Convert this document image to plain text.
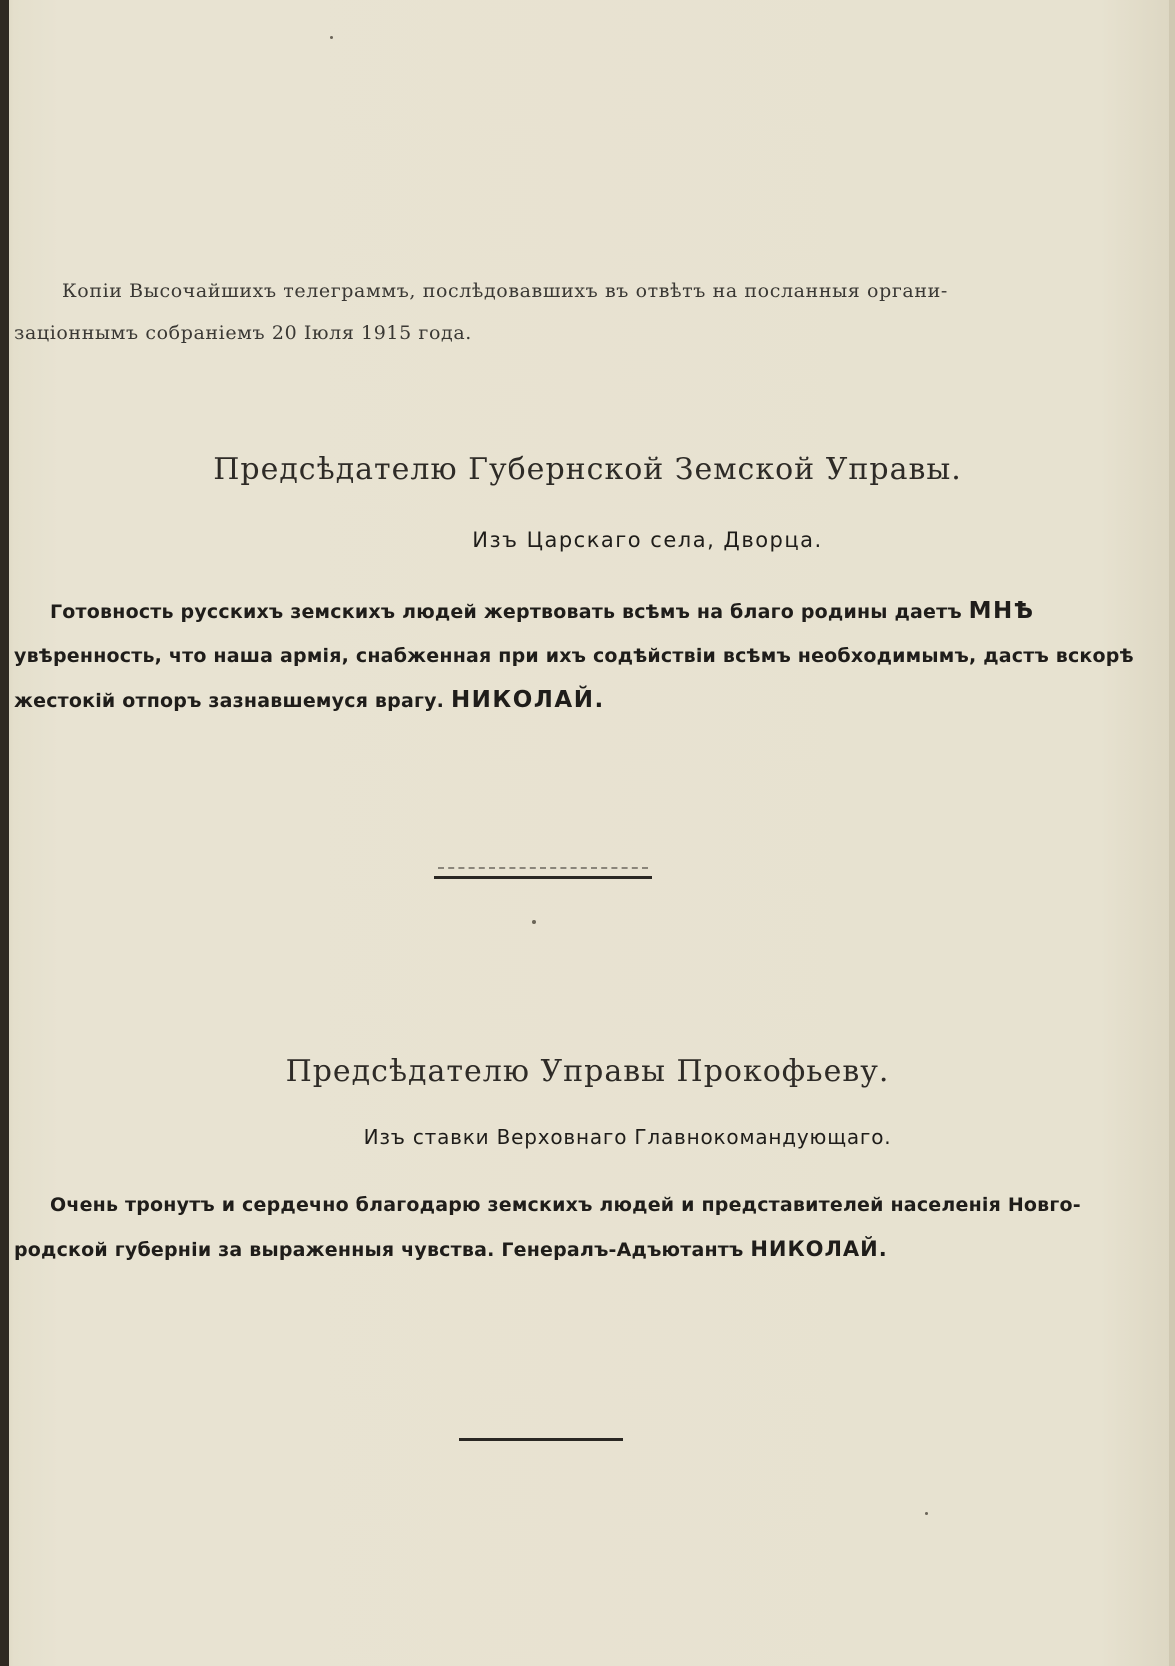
Копіи Высочайшихъ телеграммъ, послѣдовавшихъ въ отвѣтъ на посланныя органи-
заціоннымъ собраніемъ 20 Іюля 1915 года.
Предсѣдателю Губернской Земской Управы.
Изъ Царскаго села, Дворца.
Готовность русскихъ земскихъ людей жертвовать всѣмъ на благо родины даетъ МНѢ
увѣренность, что наша армія, снабженная при ихъ содѣйствіи всѣмъ необходимымъ, дастъ вскорѣ
жестокій отпоръ зазнавшемуся врагу. НИКОЛАЙ.
Предсѣдателю Управы Прокофьеву.
Изъ ставки Верховнаго Главнокомандующаго.
Очень тронутъ и сердечно благодарю земскихъ людей и представителей населенія Новго-
родской губерніи за выраженныя чувства. Генералъ-Адъютантъ НИКОЛАЙ.
